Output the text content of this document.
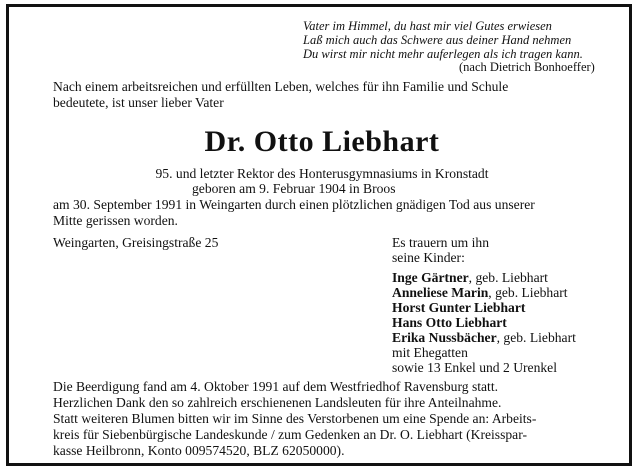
Vater im Himmel, du hast mir viel Gutes erwiesen
Laß mich auch das Schwere aus deiner Hand nehmen
Du wirst mir nicht mehr auferlegen als ich tragen kann.
(nach Dietrich Bonhoeffer)
Nach einem arbeitsreichen und erfüllten Leben, welches für ihn Familie und Schule
bedeutete, ist unser lieber Vater
Dr. Otto Liebhart
95. und letzter Rektor des Honterusgymnasiums in Kronstadt
geboren am 9. Februar 1904 in Broos
am 30. September 1991 in Weingarten durch einen plötzlichen gnädigen Tod aus unserer
Mitte gerissen worden.
Weingarten, Greisingstraße 25	Es trauern um ihn
seine Kinder:
Inge Gärtner, geb. Liebhart
Anneliese Marin, geb. Liebhart
Horst Gunter Liebhart
Hans Otto Liebhart
Erika Nussbächer, geb. Liebhart
mit Ehegatten
sowie 13 Enkel und 2 Urenkel
Die Beerdigung fand am 4. Oktober 1991 auf dem Westfriedhof Ravensburg statt.
Herzlichen Dank den so zahlreich erschienenen Landsleuten für ihre Anteilnahme.
Statt weiteren Blumen bitten wir im Sinne des Verstorbenen um eine Spende an: Arbeits-
kreis für Siebenbürgische Landeskunde / zum Gedenken an Dr. O. Liebhart (Kreisspar-
kasse Heilbronn, Konto 009574520, BLZ 62050000).
